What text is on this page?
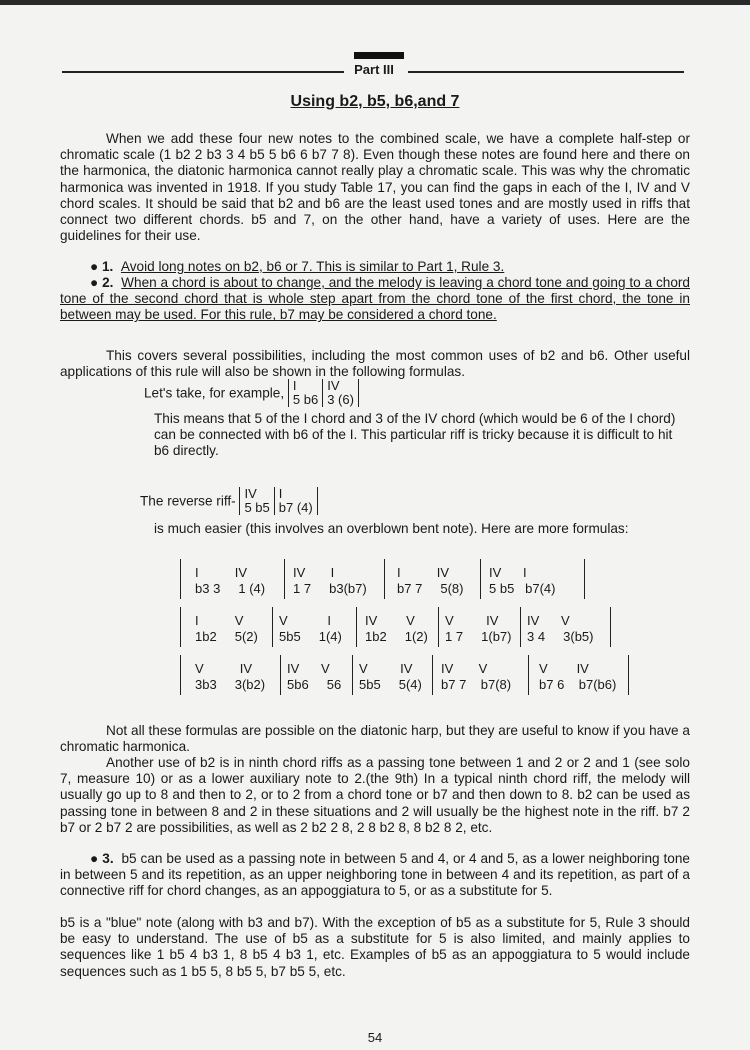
Part III
Using b2, b5, b6,and 7

When we add these four new notes to the combined scale, we have a complete half-step or chromatic scale (1 b2 2 b3 3 4 b5 5 b6 6 b7 7 8). Even though these notes are found here and there on the harmonica, the diatonic harmonica cannot really play a chromatic scale. This was why the chromatic harmonica was invented in 1918. If you study Table 17, you can find the gaps in each of the I, IV and V chord scales. It should be said that b2 and b6 are the least used tones and are mostly used in riffs that connect two different chords. b5 and 7, on the other hand, have a variety of uses. Here are the guidelines for their use.

● 1. Avoid long notes on b2, b6 or 7. This is similar to Part 1, Rule 3.
● 2. When a chord is about to change, and the melody is leaving a chord tone and going to a chord tone of the second chord that is whole step apart from the chord tone of the first chord, the tone in between may be used. For this rule, b7 may be considered a chord tone.

This covers several possibilities, including the most common uses of b2 and b6. Other useful applications of this rule will also be shown in the following formulas.

Let's take, for example, I
5 b6IV
3 (6)

This means that 5 of the I chord and 3 of the IV chord (which would be 6 of the I chord) can be connected with b6 of the I. This particular riff is tricky because it is difficult to hit b6 directly.

The reverse riff- IV
5 b5I
b7 (4)

is much easier (this involves an overblown bent note). Here are more formulas:

I          IV
b3 3     1 (4)
IV       I
1 7     b3(b7)
I          IV
b7 7     5(8)
IV      I
5 b5   b7(4)
I          V
1b2     5(2)
V           I
5b5     1(4)
IV        V
1b2     1(2)
V         IV
1 7     1(b7)
IV      V
3 4     3(b5)
V          IV
3b3     3(b2)
IV      V
5b6     56
V         IV
5b5     5(4)
IV       V
b7 7    b7(8)
V        IV
b7 6    b7(b6)

Not all these formulas are possible on the diatonic harp, but they are useful to know if you have a chromatic harmonica.

Another use of b2 is in ninth chord riffs as a passing tone between 1 and 2 or 2 and 1 (see solo 7, measure 10) or as a lower auxiliary note to 2.(the 9th) In a typical ninth chord riff, the melody will usually go up to 8 and then to 2, or to 2 from a chord tone or b7 and then down to 8. b2 can be used as passing tone in between 8 and 2 in these situations and 2 will usually be the highest note in the riff. b7 2 b7 or 2 b7 2 are possibilities, as well as 2 b2 2 8, 2 8 b2 8, 8 b2 8 2, etc.

● 3. b5 can be used as a passing note in between 5 and 4, or 4 and 5, as a lower neighboring tone in between 5 and its repetition, as an upper neighboring tone in between 4 and its repetition, as part of a connective riff for chord changes, as an appoggiatura to 5, or as a substitute for 5.

b5 is a "blue" note (along with b3 and b7). With the exception of b5 as a substitute for 5, Rule 3 should be easy to understand. The use of b5 as a substitute for 5 is also limited, and mainly applies to sequences like 1 b5 4 b3 1, 8 b5 4 b3 1, etc. Examples of b5 as an appoggiatura to 5 would include sequences such as 1 b5 5, 8 b5 5, b7 b5 5, etc.

54
